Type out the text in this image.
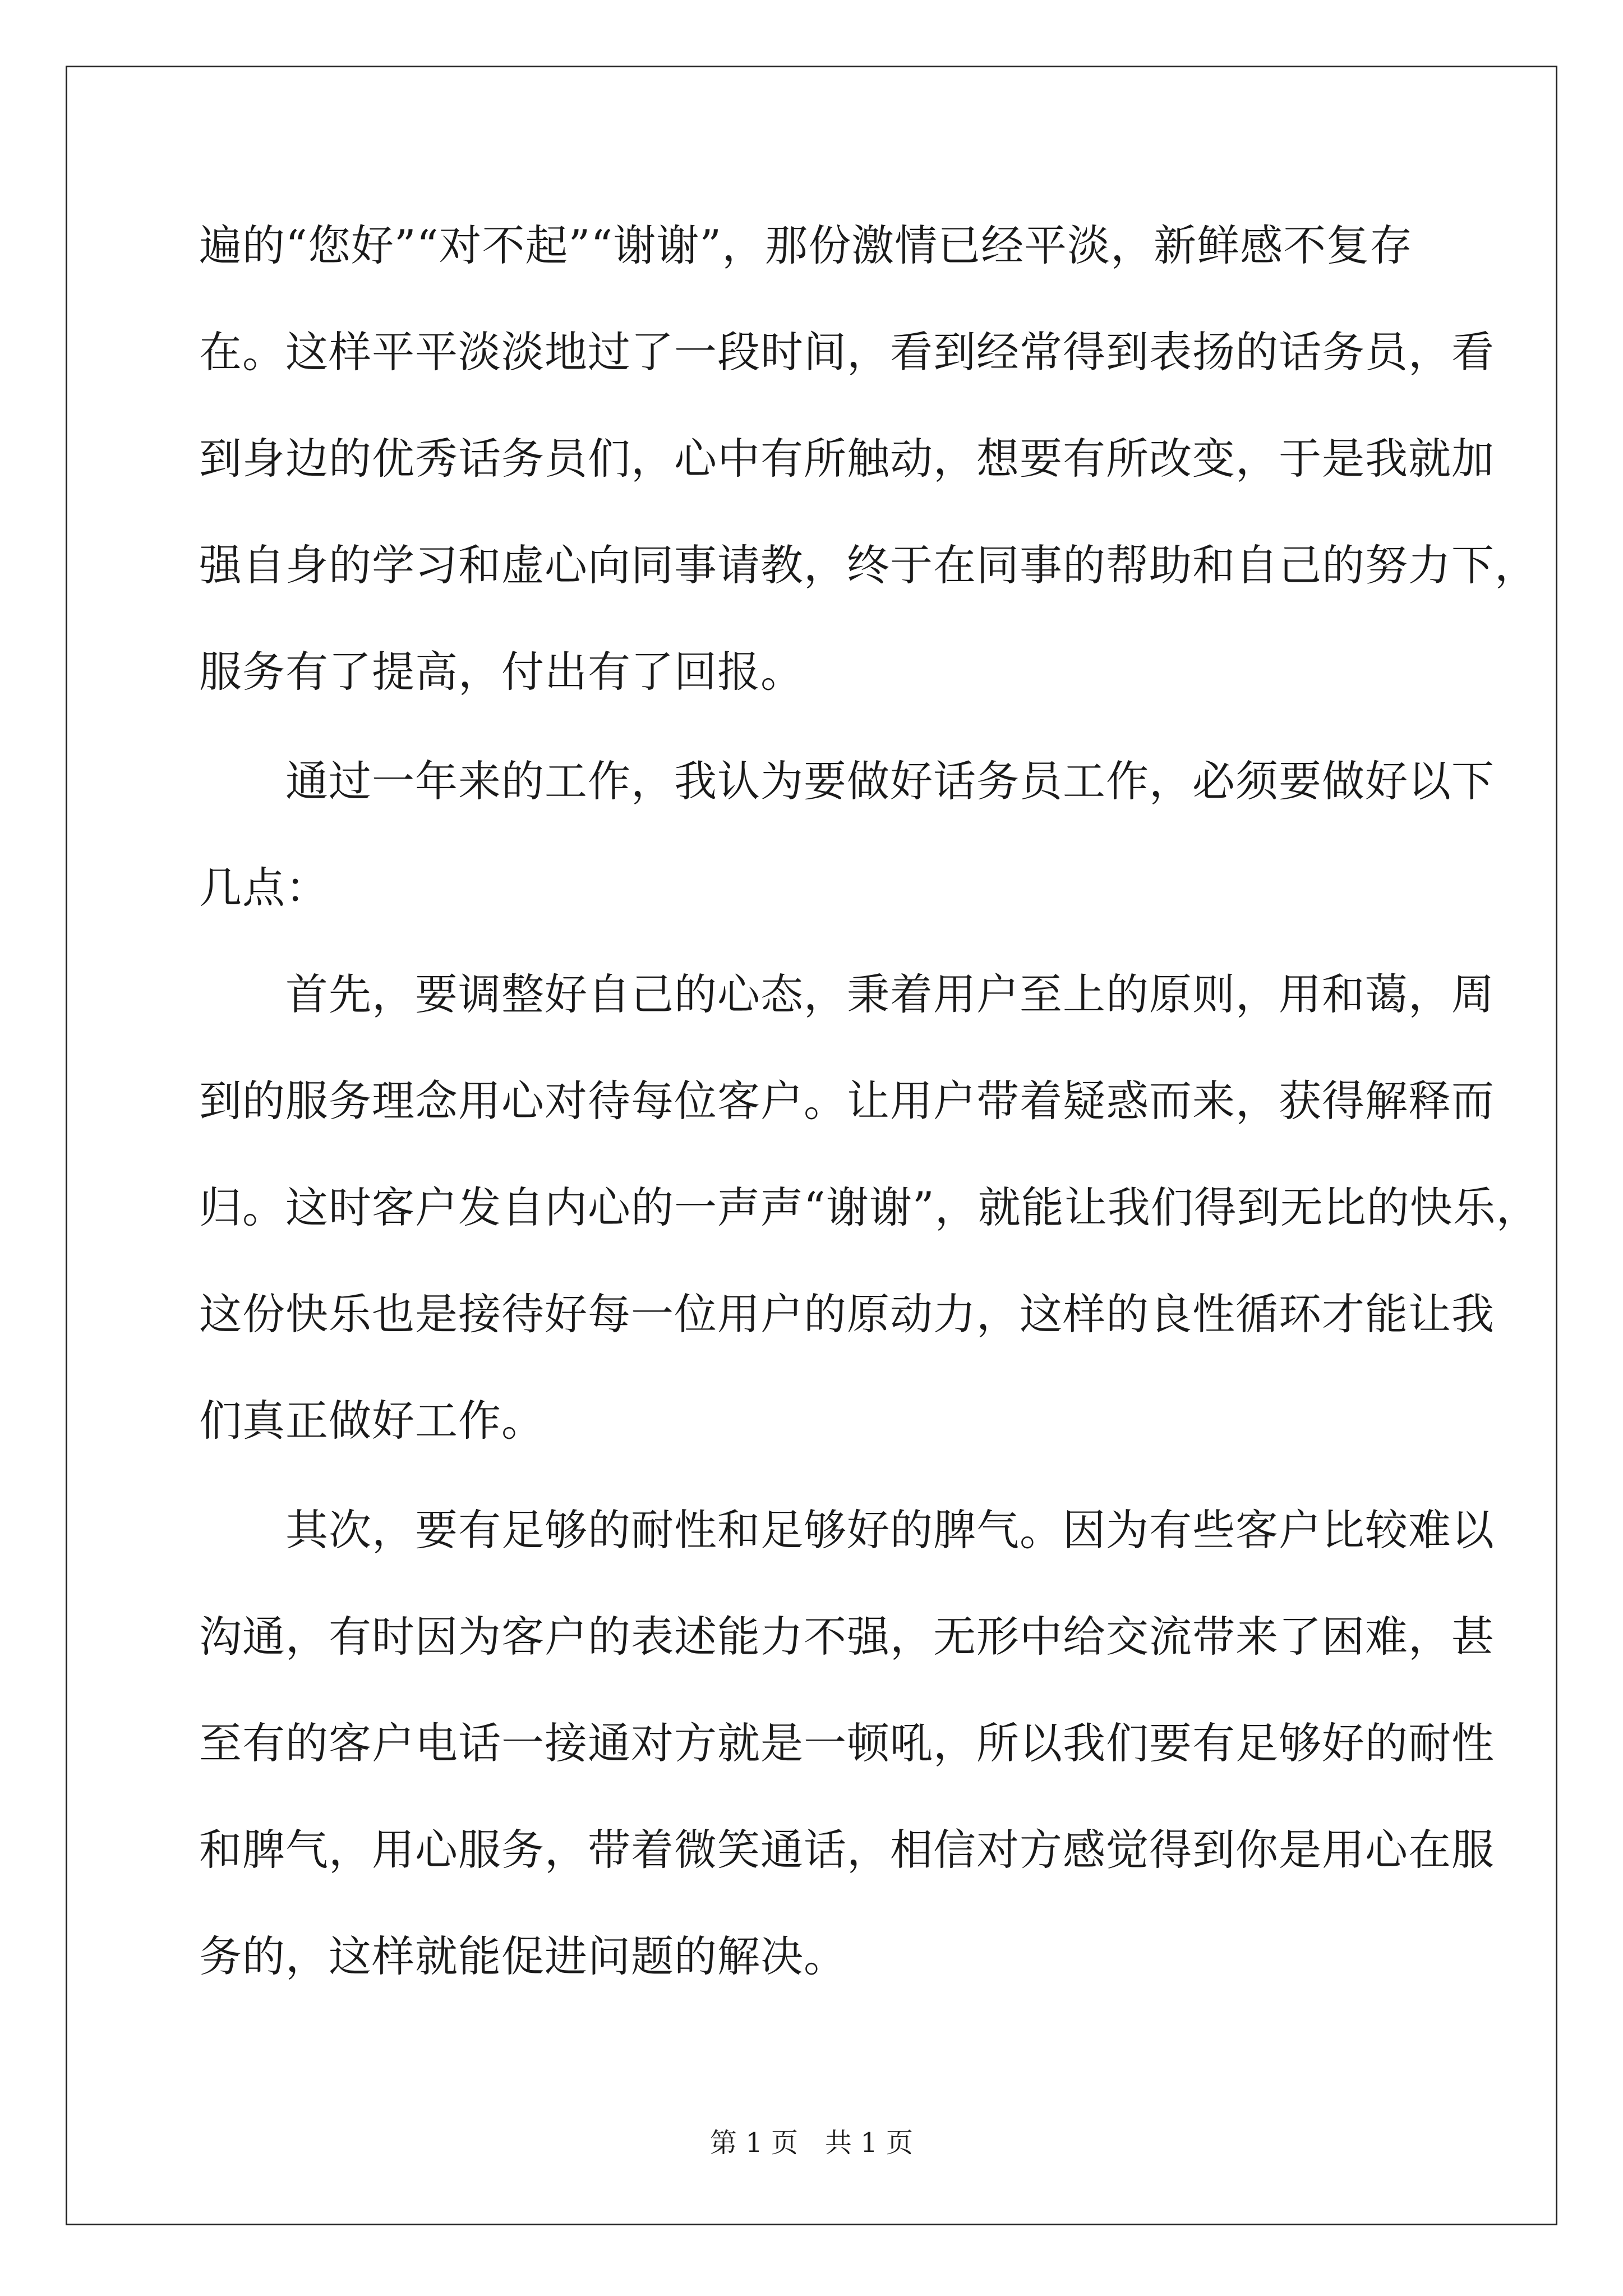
遍的“您好”“对不起”“谢谢”，那份激情已经平淡，新鲜感不复存
在。这样平平淡淡地过了一段时间，看到经常得到表扬的话务员，看
到身边的优秀话务员们，心中有所触动，想要有所改变，于是我就加
强自身的学习和虚心向同事请教，终于在同事的帮助和自己的努力下，
服务有了提高，付出有了回报。
　　通过一年来的工作，我认为要做好话务员工作，必须要做好以下
几点：
　　首先，要调整好自己的心态，秉着用户至上的原则，用和蔼，周
到的服务理念用心对待每位客户。让用户带着疑惑而来，获得解释而
归。这时客户发自内心的一声声“谢谢”，就能让我们得到无比的快乐，
这份快乐也是接待好每一位用户的原动力，这样的良性循环才能让我
们真正做好工作。
　　其次，要有足够的耐性和足够好的脾气。因为有些客户比较难以
沟通，有时因为客户的表述能力不强，无形中给交流带来了困难，甚
至有的客户电话一接通对方就是一顿吼，所以我们要有足够好的耐性
和脾气，用心服务，带着微笑通话，相信对方感觉得到你是用心在服
务的，这样就能促进问题的解决。
第 1 页　共 1 页
